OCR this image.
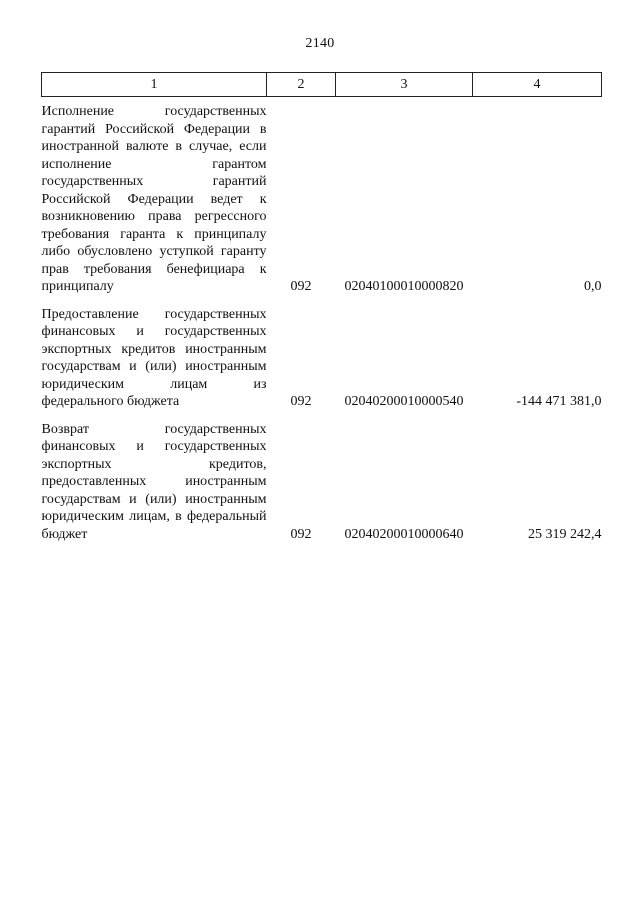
2140
1	2	3	4
Исполнение государственных гарантий Российской Федерации в иностранной валюте в случае, если исполнение гарантом государственных гарантий Российской Федерации ведет к возникновению права регрессного требования гаранта к принципалу либо обусловлено уступкой гаранту прав требования бенефициара к принципалу	092	02040100010000820	0,0
Предоставление государственных финансовых и государственных экспортных кредитов иностранным государствам и (или) иностранным юридическим лицам из федерального бюджета	092	02040200010000540	-144 471 381,0
Возврат государственных финансовых и государственных экспортных кредитов, предоставленных иностранным государствам и (или) иностранным юридическим лицам, в федеральный бюджет	092	02040200010000640	25 319 242,4
